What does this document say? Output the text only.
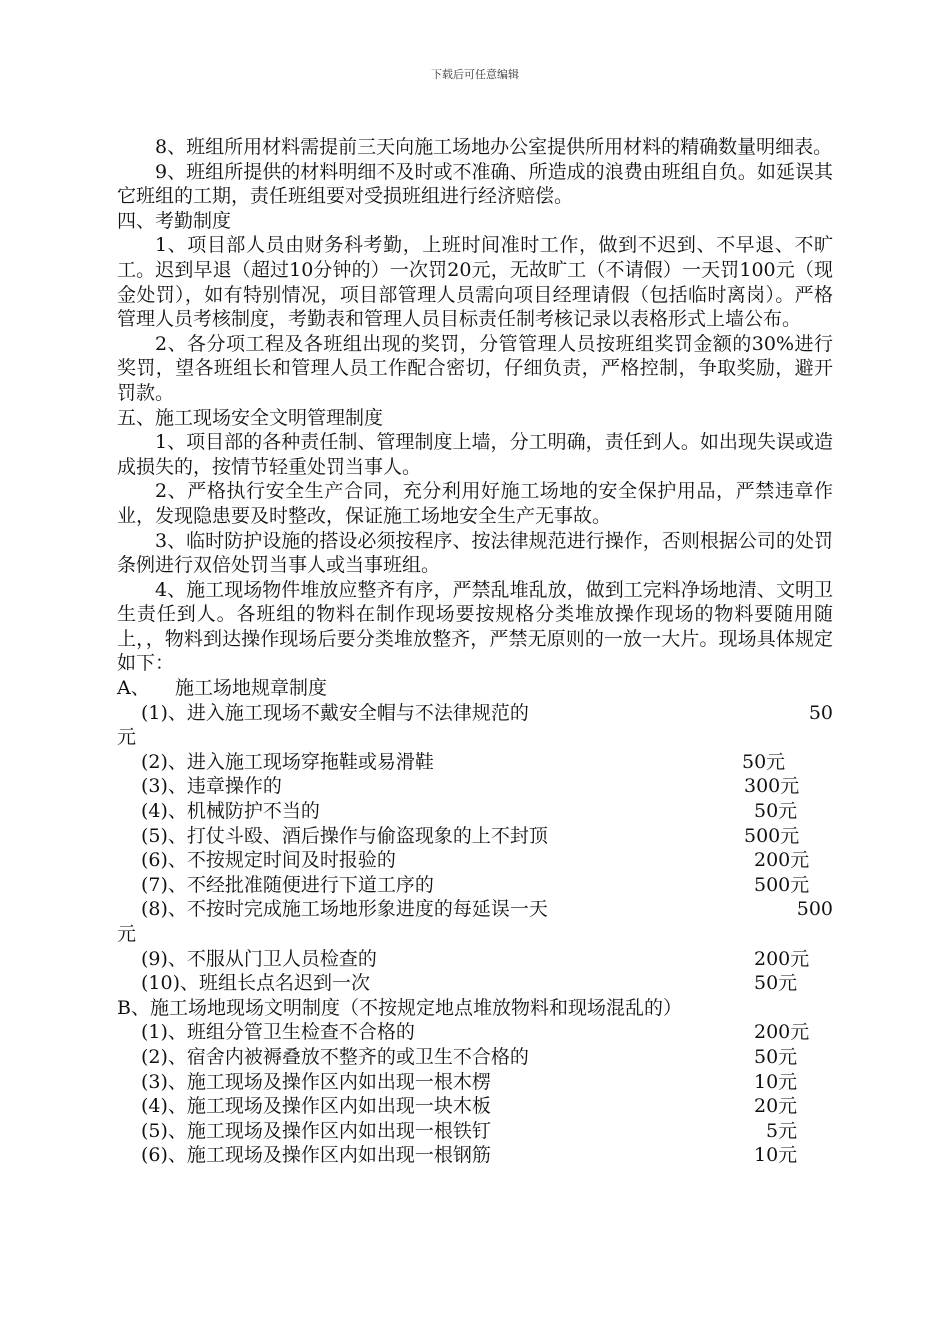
下载后可任意编辑

8、班组所用材料需提前三天向施工场地办公室提供所用材料的精确数量明细表。

9、班组所提供的材料明细不及时或不准确、所造成的浪费由班组自负。如延误其它班组的工期，责任班组要对受损班组进行经济赔偿。

四、考勤制度

1、项目部人员由财务科考勤，上班时间准时工作，做到不迟到、不早退、不旷工。迟到早退（超过10分钟的）一次罚20元，无故旷工（不请假）一天罚100元（现金处罚），如有特别情况，项目部管理人员需向项目经理请假（包括临时离岗）。严格管理人员考核制度，考勤表和管理人员目标责任制考核记录以表格形式上墙公布。

2、各分项工程及各班组出现的奖罚，分管管理人员按班组奖罚金额的30%进行奖罚，望各班组长和管理人员工作配合密切，仔细负责，严格控制，争取奖励，避开罚款。

五、施工现场安全文明管理制度

1、项目部的各种责任制、管理制度上墙，分工明确，责任到人。如出现失误或造成损失的，按情节轻重处罚当事人。

2、严格执行安全生产合同，充分利用好施工场地的安全保护用品，严禁违章作业，发现隐患要及时整改，保证施工场地安全生产无事故。

3、临时防护设施的搭设必须按程序、按法律规范进行操作，否则根据公司的处罚条例进行双倍处罚当事人或当事班组。

4、施工现场物件堆放应整齐有序，严禁乱堆乱放，做到工完料净场地清、文明卫生责任到人。各班组的物料在制作现场要按规格分类堆放操作现场的物料要随用随上，，物料到达操作现场后要分类堆放整齐，严禁无原则的一放一大片。现场具体规定如下：

A、 施工场地规章制度
(1)、进入施工现场不戴安全帽与不法律规范的	50
元
(2)、进入施工现场穿拖鞋或易滑鞋	50元
(3)、违章操作的	300元
(4)、机械防护不当的	50元
(5)、打仗斗殴、酒后操作与偷盗现象的上不封顶	500元
(6)、不按规定时间及时报验的	200元
(7)、不经批准随便进行下道工序的	500元
(8)、不按时完成施工场地形象进度的每延误一天	500
元
(9)、不服从门卫人员检查的	200元
(10)、班组长点名迟到一次	50元

B、施工场地现场文明制度（不按规定地点堆放物料和现场混乱的）

(1)、班组分管卫生检查不合格的	200元
(2)、宿舍内被褥叠放不整齐的或卫生不合格的	50元
(3)、施工现场及操作区内如出现一根木楞	10元
(4)、施工现场及操作区内如出现一块木板	20元
(5)、施工现场及操作区内如出现一根铁钉	5元
(6)、施工现场及操作区内如出现一根钢筋	10元
